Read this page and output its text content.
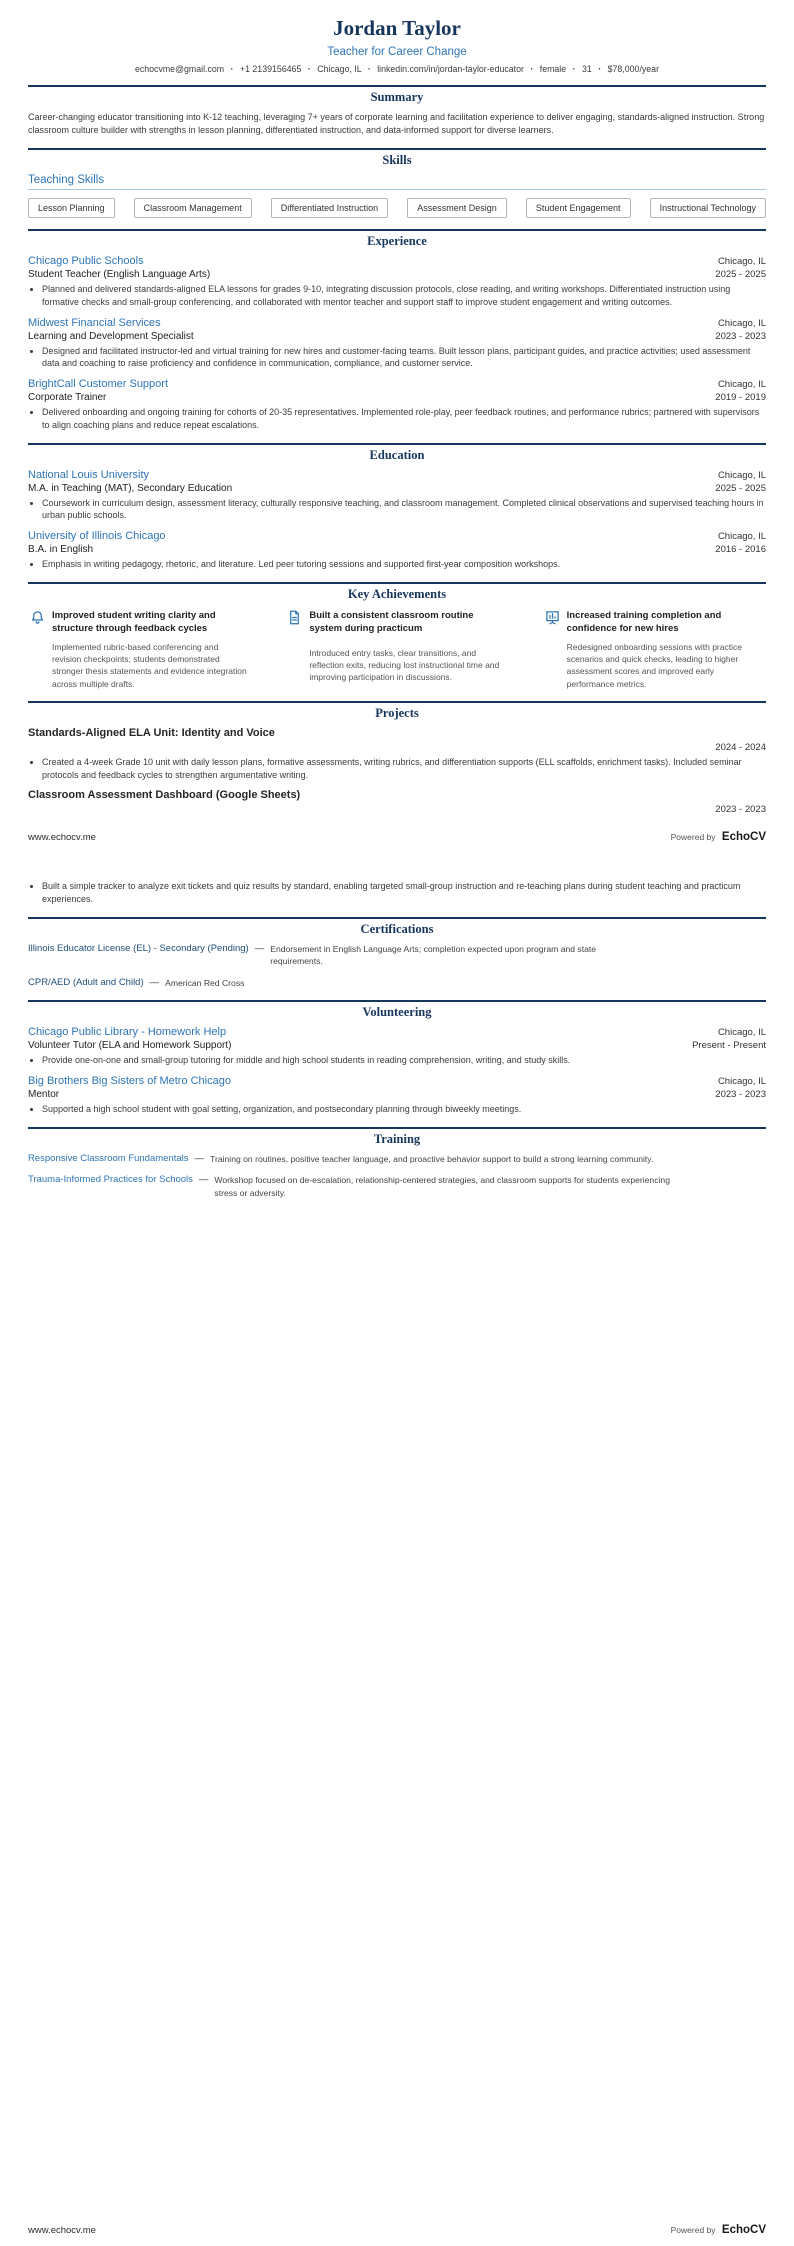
Jordan Taylor
Teacher for Career Change
echocvme@gmail.com · +1 2139156465 · Chicago, IL · linkedin.com/in/jordan-taylor-educator · female · 31 · $78,000/year
Summary

Career-changing educator transitioning into K-12 teaching, leveraging 7+ years of corporate learning and facilitation experience to deliver engaging, standards-aligned instruction. Strong classroom culture builder with strengths in lesson planning, differentiated instruction, and data-informed support for diverse learners.

Skills
Teaching Skills
Lesson Planning	Classroom Management	Differentiated Instruction	Assessment Design	Student Engagement	Instructional Technology
Experience
Chicago Public Schools	Chicago, IL
Student Teacher (English Language Arts)	2025 - 2025
• Planned and delivered standards-aligned ELA lessons for grades 9-10, integrating discussion protocols, close reading, and writing workshops. Differentiated instruction using formative checks and small-group conferencing, and collaborated with mentor teacher and support staff to improve student engagement and writing outcomes.
Midwest Financial Services	Chicago, IL
Learning and Development Specialist	2023 - 2023
• Designed and facilitated instructor-led and virtual training for new hires and customer-facing teams. Built lesson plans, participant guides, and practice activities; used assessment data and coaching to raise proficiency and confidence in communication, compliance, and customer service.
BrightCall Customer Support	Chicago, IL
Corporate Trainer	2019 - 2019
• Delivered onboarding and ongoing training for cohorts of 20-35 representatives. Implemented role-play, peer feedback routines, and performance rubrics; partnered with supervisors to align coaching plans and reduce repeat escalations.
Education
National Louis University	Chicago, IL
M.A. in Teaching (MAT), Secondary Education	2025 - 2025
• Coursework in curriculum design, assessment literacy, culturally responsive teaching, and classroom management. Completed clinical observations and supervised teaching hours in urban public schools.
University of Illinois Chicago	Chicago, IL
B.A. in English	2016 - 2016
• Emphasis in writing pedagogy, rhetoric, and literature. Led peer tutoring sessions and supported first-year composition workshops.
Key Achievements
Improved student writing clarity and structure through feedback cycles
Implemented rubric-based conferencing and revision checkpoints; students demonstrated stronger thesis statements and evidence integration across multiple drafts.
Built a consistent classroom routine system during practicum
Introduced entry tasks, clear transitions, and reflection exits, reducing lost instructional time and improving participation in discussions.
Increased training completion and confidence for new hires
Redesigned onboarding sessions with practice scenarios and quick checks, leading to higher assessment scores and improved early performance metrics.
Projects
Standards-Aligned ELA Unit: Identity and Voice
2024 - 2024
• Created a 4-week Grade 10 unit with daily lesson plans, formative assessments, writing rubrics, and differentiation supports (ELL scaffolds, enrichment tasks). Included seminar protocols and feedback cycles to strengthen argumentative writing.
Classroom Assessment Dashboard (Google Sheets)
2023 - 2023
www.echocv.me	Powered by EchoCV
• Built a simple tracker to analyze exit tickets and quiz results by standard, enabling targeted small-group instruction and re-teaching plans during student teaching and practicum experiences.
Certifications
Illinois Educator License (EL) - Secondary (Pending) — Endorsement in English Language Arts; completion expected upon program and state requirements.
CPR/AED (Adult and Child) — American Red Cross
Volunteering
Chicago Public Library - Homework Help	Chicago, IL
Volunteer Tutor (ELA and Homework Support)	Present - Present
• Provide one-on-one and small-group tutoring for middle and high school students in reading comprehension, writing, and study skills.
Big Brothers Big Sisters of Metro Chicago	Chicago, IL
Mentor	2023 - 2023
• Supported a high school student with goal setting, organization, and postsecondary planning through biweekly meetings.
Training
Responsive Classroom Fundamentals — Training on routines, positive teacher language, and proactive behavior support to build a strong learning community.
Trauma-Informed Practices for Schools — Workshop focused on de-escalation, relationship-centered strategies, and classroom supports for students experiencing stress or adversity.
www.echocv.me	Powered by EchoCV
